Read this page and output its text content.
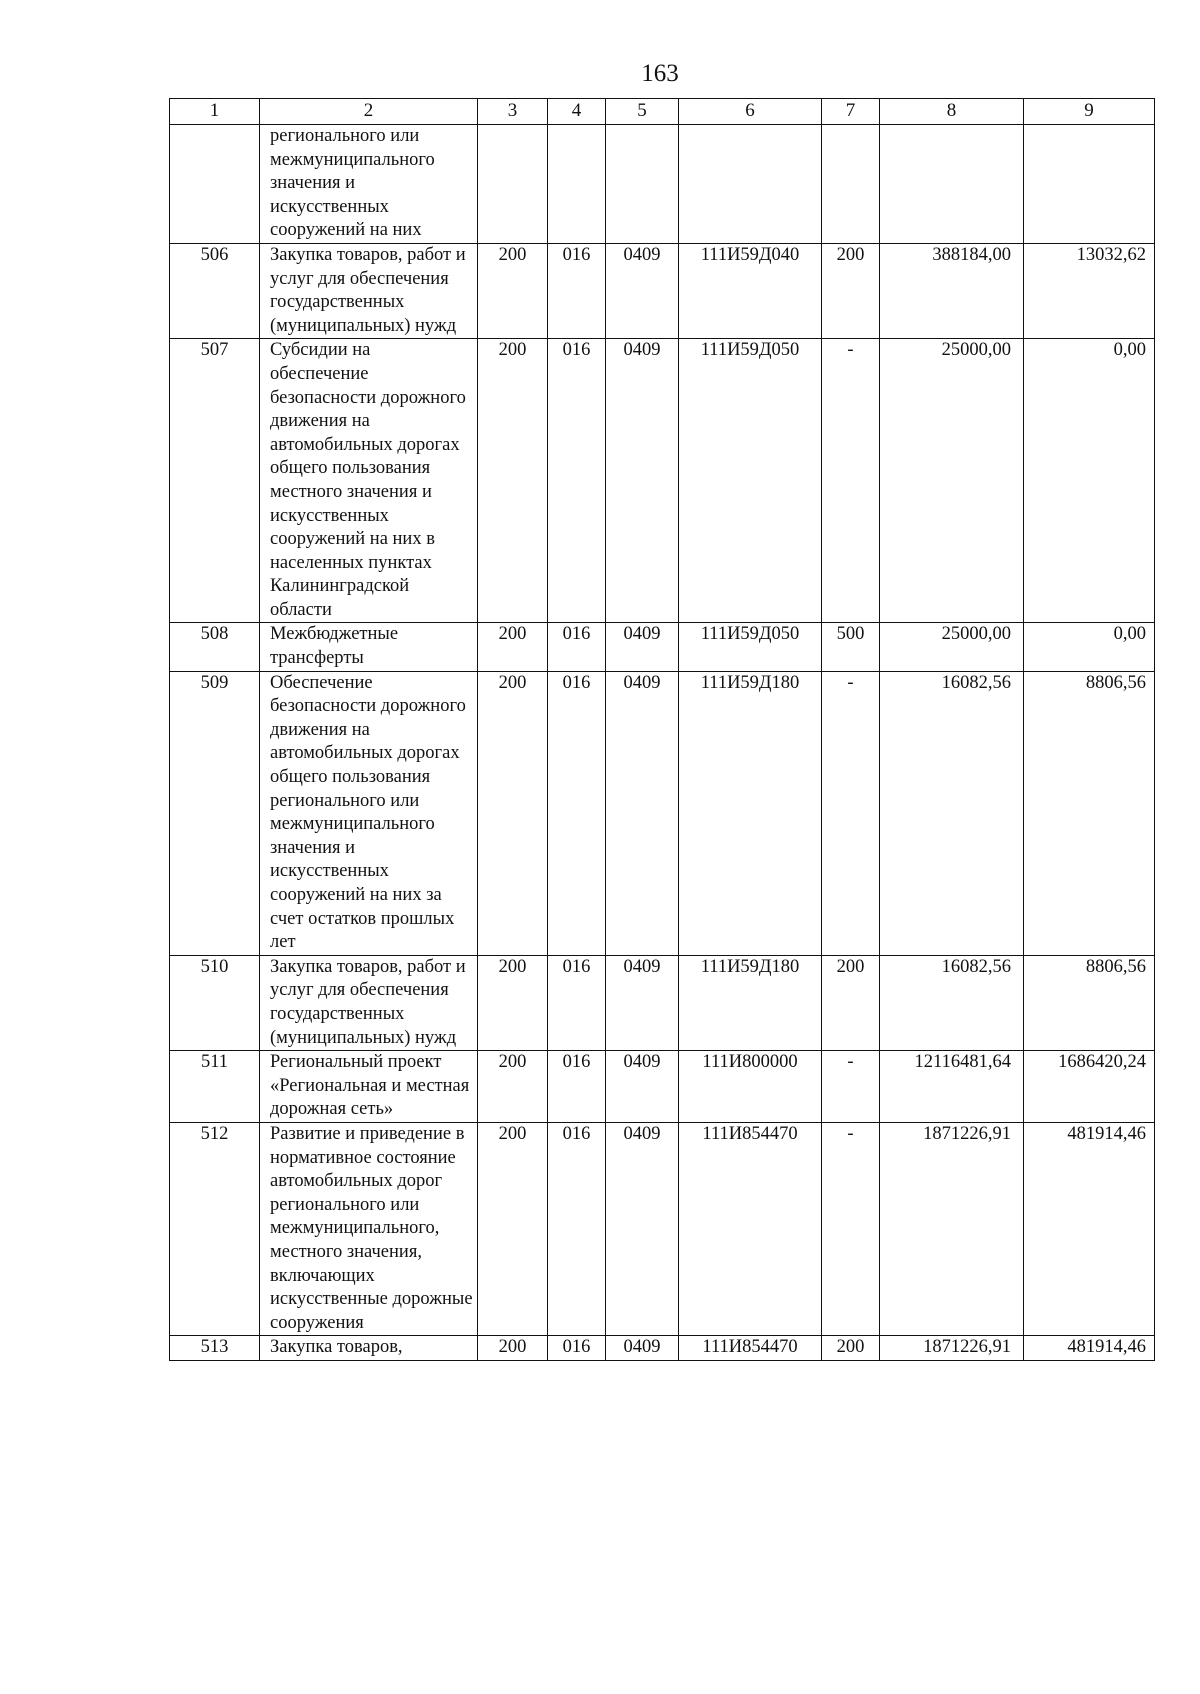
163
1	2	3	4	5	6	7	8	9
	регионального или межмуниципального значения и искусственных сооружений на них							
506	Закупка товаров, работ и услуг для обеспечения государственных (муниципальных) нужд	200	016	0409	111И59Д040	200	388184,00	13032,62
507	Субсидии на обеспечение безопасности дорожного движения на автомобильных дорогах общего пользования местного значения и искусственных сооружений на них в населенных пунктах Калининградской области	200	016	0409	111И59Д050	-	25000,00	0,00
508	Межбюджетные трансферты	200	016	0409	111И59Д050	500	25000,00	0,00
509	Обеспечение безопасности дорожного движения на автомобильных дорогах общего пользования регионального или межмуниципального значения и искусственных сооружений на них за счет остатков прошлых лет	200	016	0409	111И59Д180	-	16082,56	8806,56
510	Закупка товаров, работ и услуг для обеспечения государственных (муниципальных) нужд	200	016	0409	111И59Д180	200	16082,56	8806,56
511	Региональный проект «Региональная и местная дорожная сеть»	200	016	0409	111И800000	-	12116481,64	1686420,24
512	Развитие и приведение в нормативное состояние автомобильных дорог регионального или межмуниципального, местного значения, включающих искусственные дорожные сооружения	200	016	0409	111И854470	-	1871226,91	481914,46
513	Закупка товаров,	200	016	0409	111И854470	200	1871226,91	481914,46
